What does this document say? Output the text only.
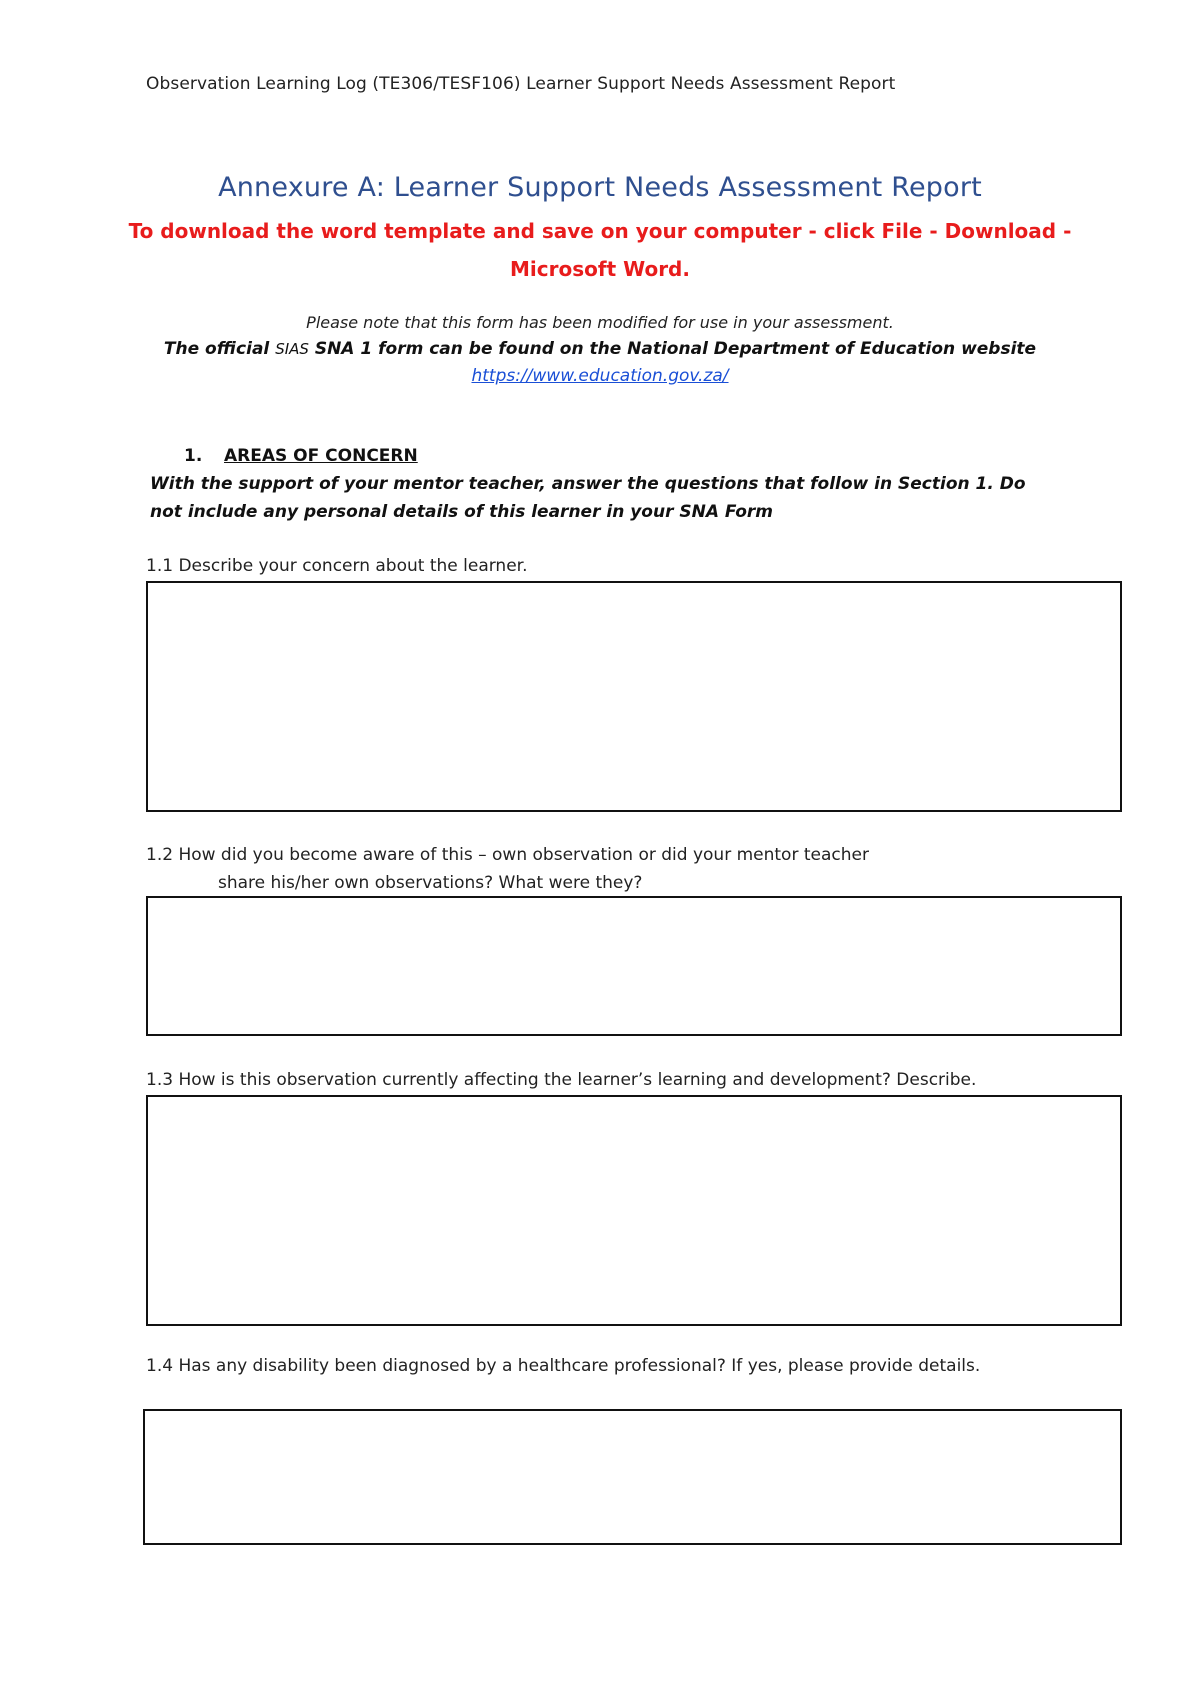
Observation Learning Log (TE306/TESF106) Learner Support Needs Assessment Report
Annexure A: Learner Support Needs Assessment Report
To download the word template and save on your computer - click File - Download -
Microsoft Word.
Please note that this form has been modified for use in your assessment.
The official SIAS SNA 1 form can be found on the National Department of Education website
https://www.education.gov.za/
1. AREAS OF CONCERN
With the support of your mentor teacher, answer the questions that follow in Section 1. Do not include any personal details of this learner in your SNA Form
1.1 Describe your concern about the learner.
1.2 How did you become aware of this – own observation or did your mentor teacher
share his/her own observations? What were they?
1.3 How is this observation currently affecting the learner’s learning and development? Describe.
1.4 Has any disability been diagnosed by a healthcare professional? If yes, please provide details.
